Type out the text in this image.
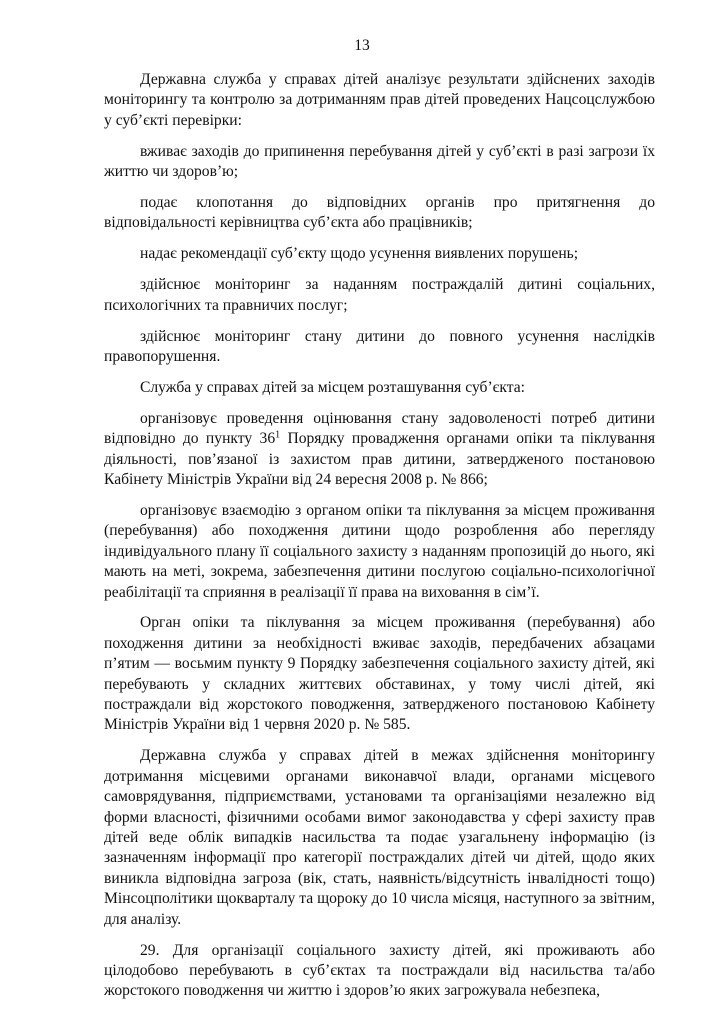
13

Державна служба у справах дітей аналізує результати здійснених заходів моніторингу та контролю за дотриманням прав дітей проведених Нацсоцслужбою у суб’єкті перевірки:

вживає заходів до припинення перебування дітей у суб’єкті в разі загрози їх життю чи здоров’ю;

подає клопотання до відповідних органів про притягнення до відповідальності керівництва суб’єкта або працівників;

надає рекомендації суб’єкту щодо усунення виявлених порушень;

здійснює моніторинг за наданням постраждалій дитині соціальних, психологічних та правничих послуг;

здійснює моніторинг стану дитини до повного усунення наслідків правопорушення.

Служба у справах дітей за місцем розташування суб’єкта:

організовує проведення оцінювання стану задоволеності потреб дитини відповідно до пункту $36^1$ Порядку провадження органами опіки та піклування діяльності, пов’язаної із захистом прав дитини, затвердженого постановою Кабінету Міністрів України від 24 вересня 2008 р. № 866;

організовує взаємодію з органом опіки та піклування за місцем проживання (перебування) або походження дитини щодо розроблення або перегляду індивідуального плану її соціального захисту з наданням пропозицій до нього, які мають на меті, зокрема, забезпечення дитини послугою соціально-психологічної реабілітації та сприяння в реалізації її права на виховання в сім’ї.

Орган опіки та піклування за місцем проживання (перебування) або походження дитини за необхідності вживає заходів, передбачених абзацами п’ятим — восьмим пункту 9 Порядку забезпечення соціального захисту дітей, які перебувають у складних життєвих обставинах, у тому числі дітей, які постраждали від жорстокого поводження, затвердженого постановою Кабінету Міністрів України від 1 червня 2020 р. № 585.

Державна служба у справах дітей в межах здійснення моніторингу дотримання місцевими органами виконавчої влади, органами місцевого самоврядування, підприємствами, установами та організаціями незалежно від форми власності, фізичними особами вимог законодавства у сфері захисту прав дітей веде облік випадків насильства та подає узагальнену інформацію (із зазначенням інформації про категорії постраждалих дітей чи дітей, щодо яких виникла відповідна загроза (вік, стать, наявність/відсутність інвалідності тощо) Мінсоцполітики щокварталу та щороку до 10 числа місяця, наступного за звітним, для аналізу.

29. Для організації соціального захисту дітей, які проживають або цілодобово перебувають в суб’єктах та постраждали від насильства та/або жорстокого поводження чи життю і здоров’ю яких загрожувала небезпека,
